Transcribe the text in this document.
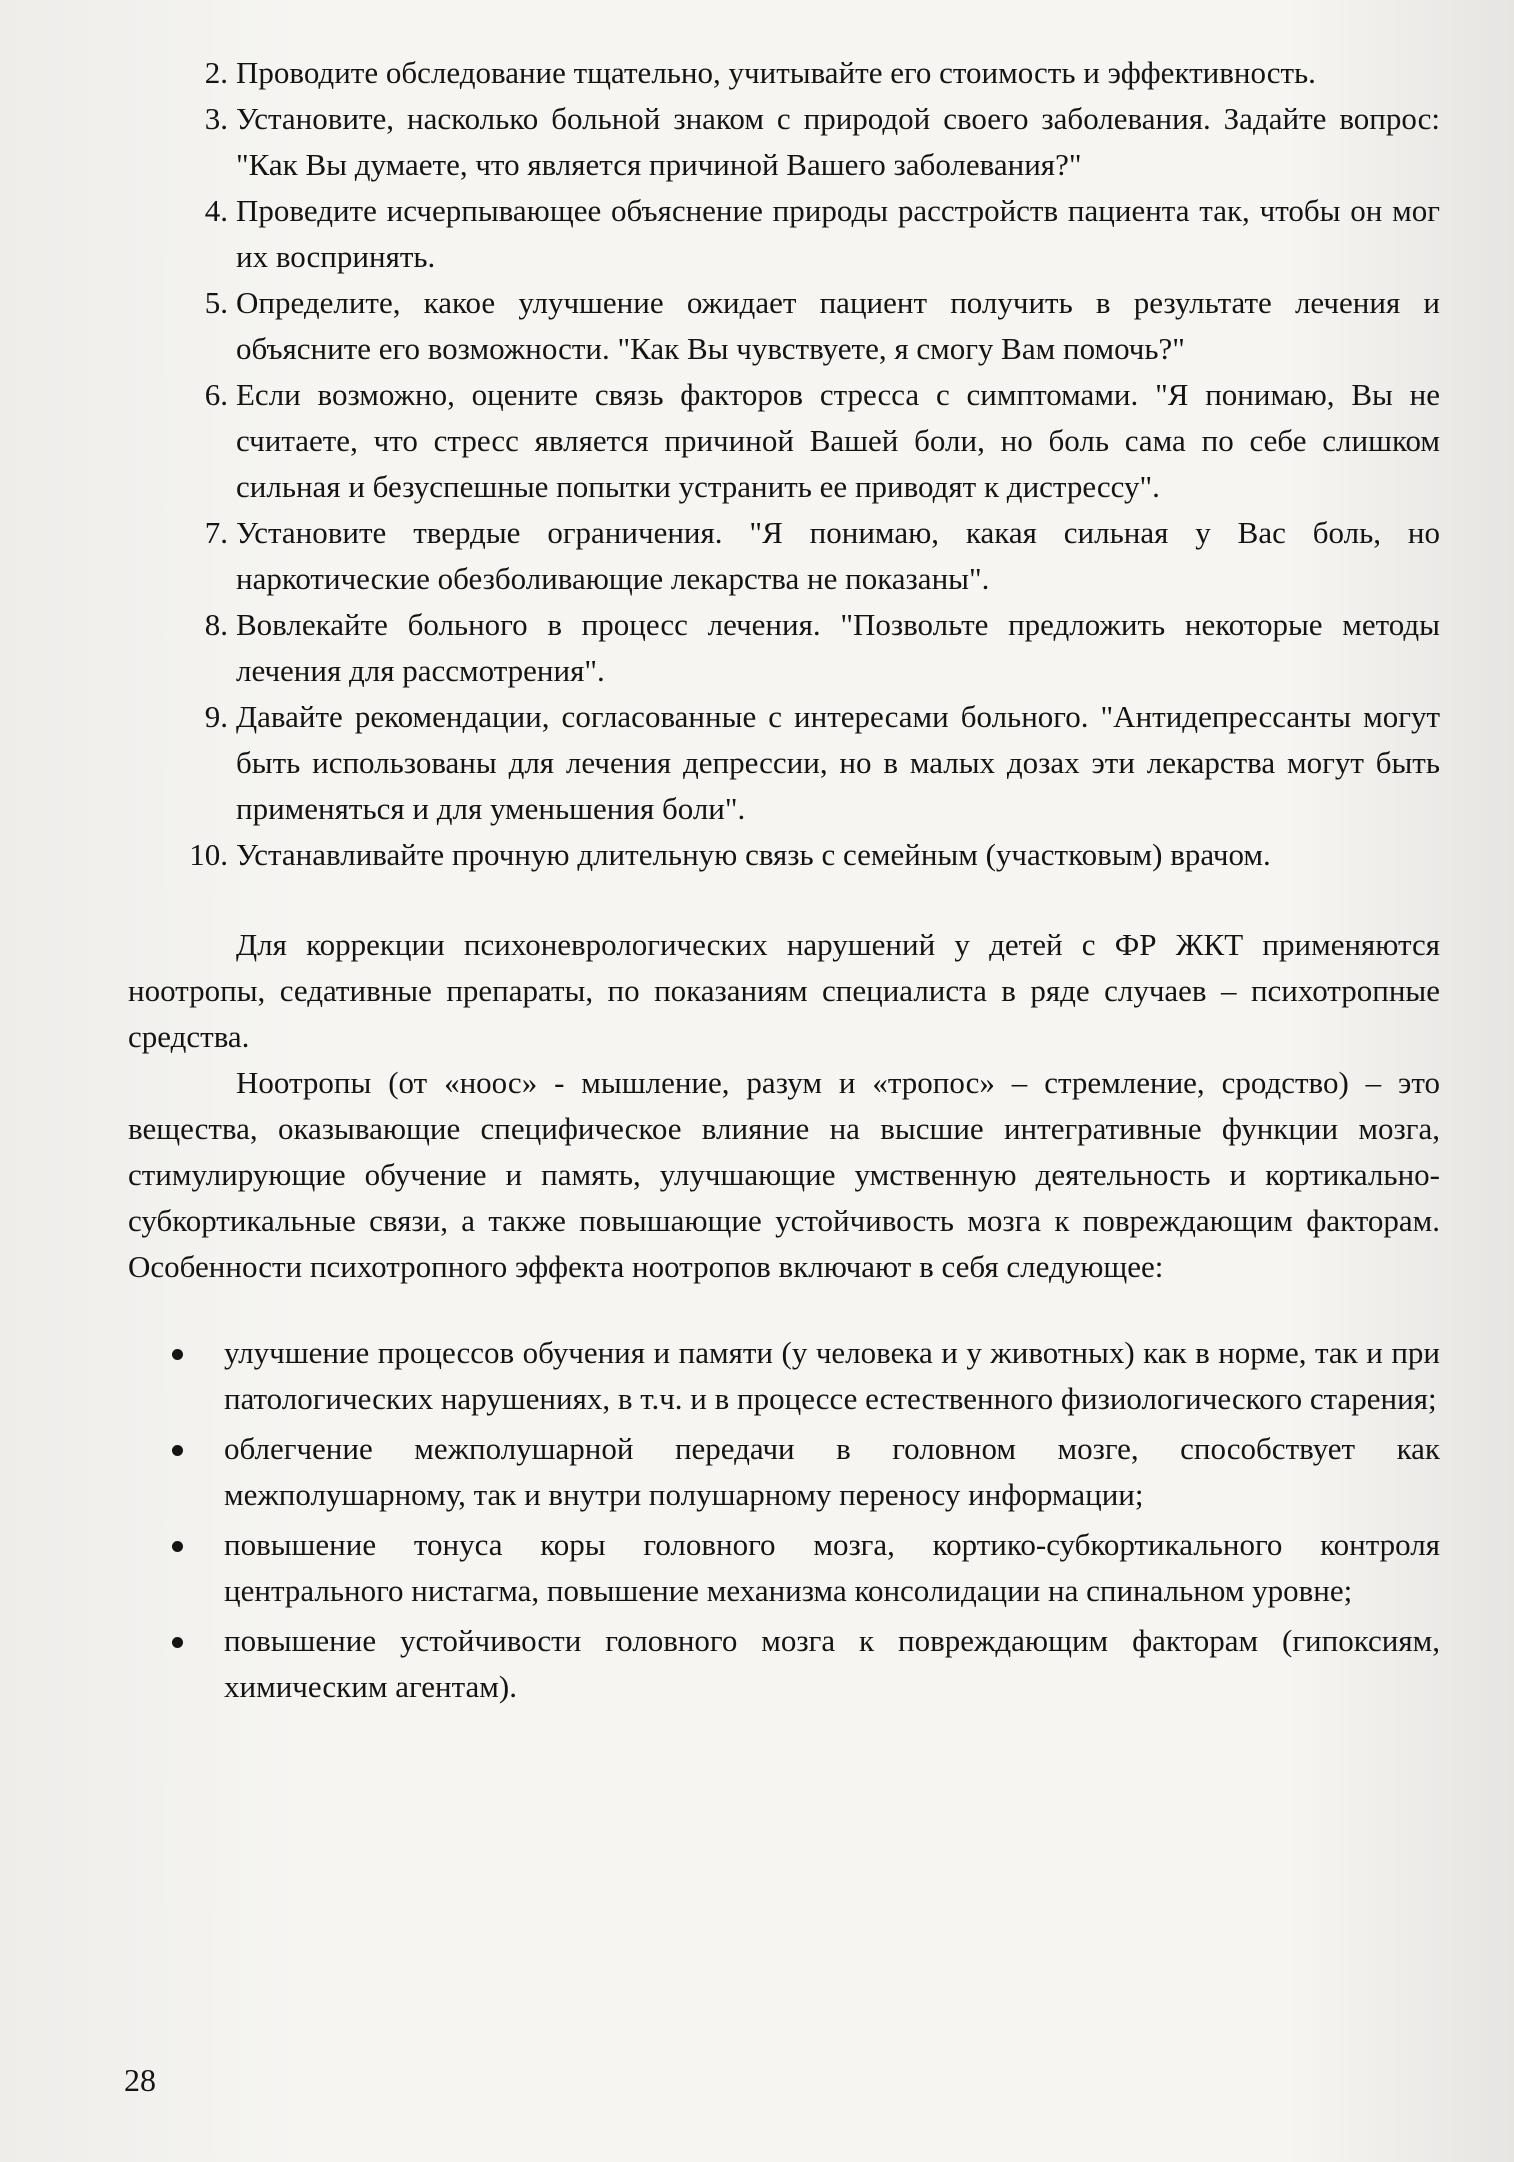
2. Проводите обследование тщательно, учитывайте его стоимость и эффективность.
3. Установите, насколько больной знаком с природой своего заболевания. Задайте вопрос: "Как Вы думаете, что является причиной Вашего заболевания?"
4. Проведите исчерпывающее объяснение природы расстройств пациента так, чтобы он мог их воспринять.
5. Определите, какое улучшение ожидает пациент получить в результате лечения и объясните его возможности. "Как Вы чувствуете, я смогу Вам помочь?"
6. Если возможно, оцените связь факторов стресса с симптомами. "Я понимаю, Вы не считаете, что стресс является причиной Вашей боли, но боль сама по себе слишком сильная и безуспешные попытки устранить ее приводят к дистрессу".
7. Установите твердые ограничения. "Я понимаю, какая сильная у Вас боль, но наркотические обезболивающие лекарства не показаны".
8. Вовлекайте больного в процесс лечения. "Позвольте предложить некоторые методы лечения для рассмотрения".
9. Давайте рекомендации, согласованные с интересами больного. "Антидепрессанты могут быть использованы для лечения депрессии, но в малых дозах эти лекарства могут быть применяться и для уменьшения боли".
10. Устанавливайте прочную длительную связь с семейным (участковым) врачом.

Для коррекции психоневрологических нарушений у детей с ФР ЖКТ применяются ноотропы, седативные препараты, по показаниям специалиста в ряде случаев – психотропные средства.

Ноотропы (от «ноос» - мышление, разум и «тропос» – стремление, сродство) – это вещества, оказывающие специфическое влияние на высшие интегративные функции мозга, стимулирующие обучение и память, улучшающие умственную деятельность и кортикально-субкортикальные связи, а также повышающие устойчивость мозга к повреждающим факторам. Особенности психотропного эффекта ноотропов включают в себя следующее:

улучшение процессов обучения и памяти (у человека и у животных) как в норме, так и при патологических нарушениях, в т.ч. и в процессе естественного физиологического старения;
облегчение межполушарной передачи в головном мозге, способствует как межполушарному, так и внутри полушарному переносу информации;
повышение тонуса коры головного мозга, кортико-субкортикального контроля центрального нистагма, повышение механизма консолидации на спинальном уровне;
повышение устойчивости головного мозга к повреждающим факторам (гипоксиям, химическим агентам).
28
